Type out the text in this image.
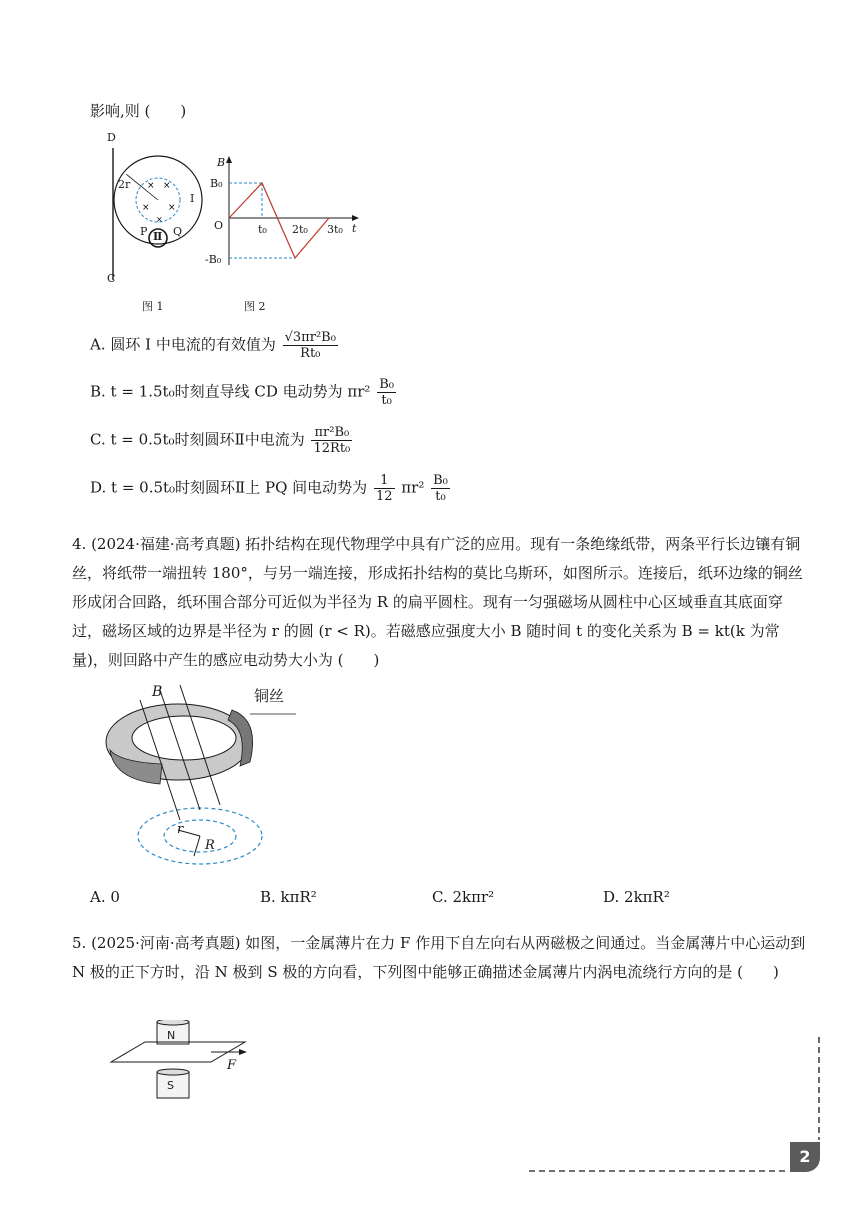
影响,则 (　　)
× ×
× ×
×
D
C
2r
Ⅰ
Ⅱ
P Q
B
B₀
O
-B₀
t₀ 2t₀ 3t₀ t
图 1	图 2
A. 圆环 I 中电流的有效值为 $\frac{\text{√3πr²B₀}}{\text{Rt₀}}$
B. t = 1.5t₀时刻直导线 CD 电动势为 $\pi r^2 \frac{\text{B₀}}{\text{t₀}}$
C. t = 0.5t₀时刻圆环Ⅱ中电流为 $\frac{\text{πr²B₀}}{\text{12Rt₀}}$
D. t = 0.5t₀时刻圆环Ⅱ上 PQ 间电动势为 $\frac{1}{12} \pi r^2 \frac{\text{B₀}}{\text{t₀}}$
4. (2024·福建·高考真题) 拓扑结构在现代物理学中具有广泛的应用。现有一条绝缘纸带，两条平行长边镶有铜丝，将纸带一端扭转 180°，与另一端连接，形成拓扑结构的莫比乌斯环，如图所示。连接后，纸环边缘的铜丝形成闭合回路，纸环围合部分可近似为半径为 R 的扁平圆柱。现有一匀强磁场从圆柱中心区域垂直其底面穿过，磁场区域的边界是半径为 r 的圆 (r < R)。若磁感应强度大小 B 随时间 t 的变化关系为 B = kt(k 为常量)，则回路中产生的感应电动势大小为 (　　)
B	铜丝
r
R
A. 0	B. kπR²	C. 2kπr²	D. 2kπR²
5. (2025·河南·高考真题) 如图，一金属薄片在力 F 作用下自左向右从两磁极之间通过。当金属薄片中心运动到 N 极的正下方时，沿 N 极到 S 极的方向看，下列图中能够正确描述金属薄片内涡电流绕行方向的是 (　　)
N
S
F
2
